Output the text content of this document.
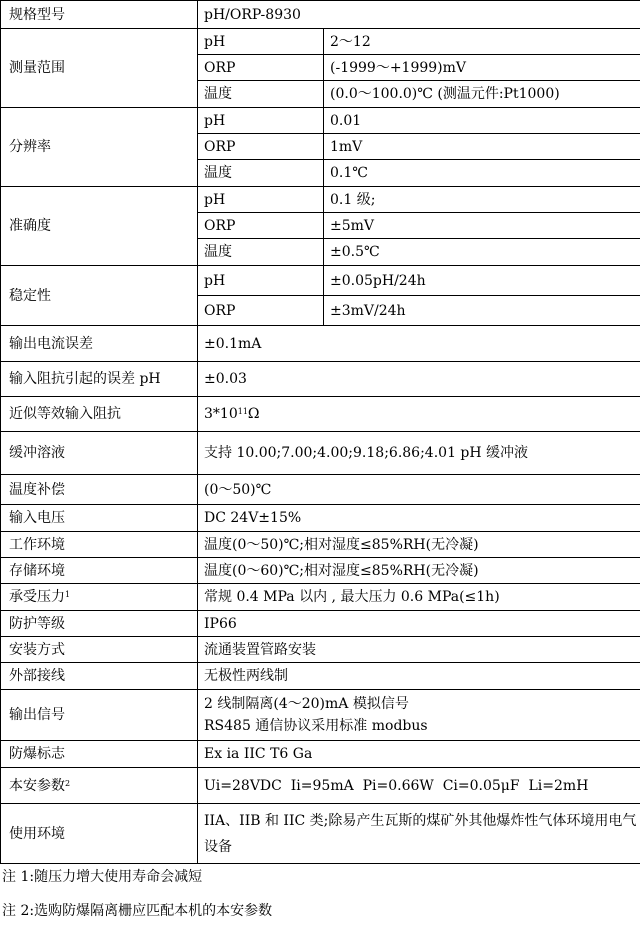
规格型号	pH/ORP-8930	
测量范围	pH	2～12
	ORP	(-1999～+1999)mV
	温度	(0.0～100.0)℃ (测温元件:Pt1000)
分辨率	pH	0.01
	ORP	1mV
	温度	0.1℃
准确度	pH	0.1 级;
	ORP	±5mV
	温度	±0.5℃
稳定性	pH	±0.05pH/24h
	ORP	±3mV/24h
输出电流误差	±0.1mA	
输入阻抗引起的误差 pH	±0.03	
近似等效输入阻抗	$3*10^{11}\Omega$	
缓冲溶液	支持 10.00;7.00;4.00;9.18;6.86;4.01 pH 缓冲液	
温度补偿	(0～50)℃	
输入电压	DC 24V±15%	
工作环境	温度(0～50)℃;相对湿度≤85%RH(无冷凝)	
存储环境	温度(0～60)℃;相对湿度≤85%RH(无冷凝)	
承受压力$^1$	常规 0.4 MPa 以内 , 最大压力 0.6 MPa(≤1h)	
防护等级	IP66	
安装方式	流通装置管路安装	
外部接线	无极性两线制	
输出信号	2 线制隔离(4～20)mA 模拟信号
RS485 通信协议采用标准 modbus	

防爆标志	Ex ia IIC T6 Ga	
本安参数$^2$	Ui=28VDC  Ii=95mA  Pi=0.66W  Ci=0.05μF  Li=2mH	
使用环境	IIA、IIB 和 IIC 类;除易产生瓦斯的煤矿外其他爆炸性气体环境用电气设备	
注 1:随压力增大使用寿命会减短
注 2:选购防爆隔离栅应匹配本机的本安参数
